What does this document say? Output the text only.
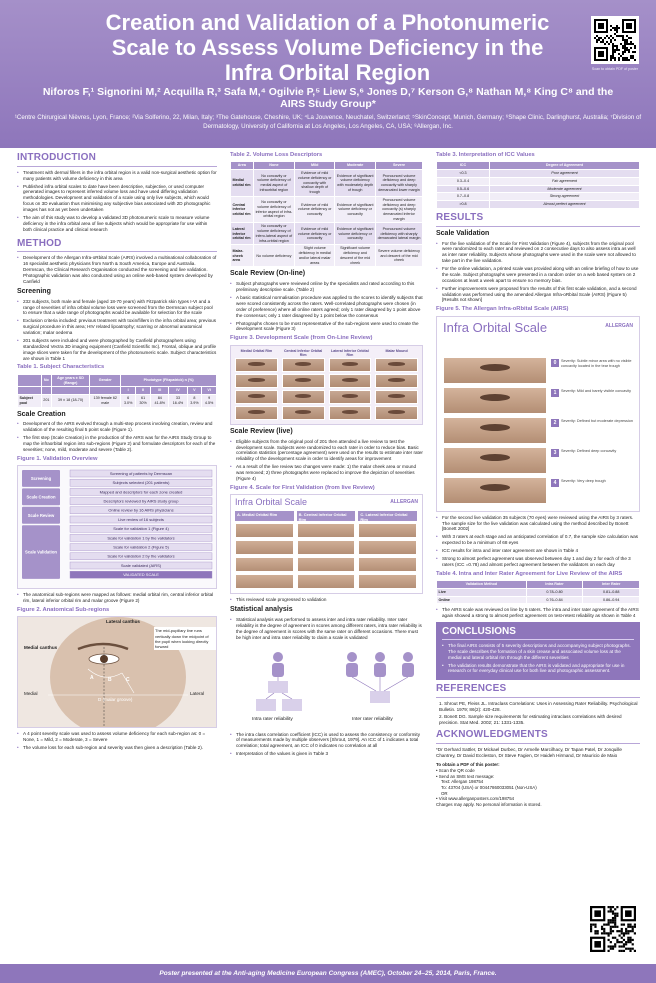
Creation and Validation of a Photonumeric Scale to Assess Volume Deficiency in the Infra Orbital Region
Niforos F,¹ Signorini M,² Acquilla R,³ Safa M,⁴ Ogilvie P,⁵ Liew S,⁶ Jones D,⁷ Kerson G,⁸ Nathan M,⁸ King C⁸ and the AIRS Study Group*
¹Centre Chirurgical Nièvres, Lyon, France; ²Via Solferino, 22, Milan, Italy; ³The Gatehouse, Cheshire, UK; ⁴La Jouvence, Neuchatel, Switzerland; ⁵SkinConcept, Munich, Germany; ⁶Shape Clinic, Darlinghurst, Australia; ⁷Division of Dermatology, University of California at Los Angeles, Los Angeles, CA, USA; ⁸Allergan, Inc.
Scan to obtain PDF of poster
INTRODUCTION
• Treatment with dermal fillers in the infra orbital region is a valid non-surgical aesthetic option for many patients with volume deficiency in this area
• Published infra orbital scales to date have been descriptive, subjective, or used computer generated images to represent inferred volume loss and have used differing validation methodologies. Development and validation of a scale using only live subjects, which would focus on 3D evaluation thus minimising any subjective bias associated with 2D photographic images has not as yet been undertaken
• The aim of this study was to develop a validated 3D photonumeric scale to measure volume deficiency in the infra orbital area of live subjects which would be appropriate for use within both clinical practice and clinical research
METHOD
• Development of the Allergan Infra-oRbital Scale (AIRS) involved a multinational collaboration of 16 specialist aesthetic physicians from North & South America, Europe and Australia. Dermscan, the Clinical Research Organisation conducted the screening and live validation. Photographic validation was also conducted using an online web-based system developed by Canfield
Screening
• 232 subjects, both male and female (aged 18-70 years) with Fitzpatrick skin types I-VI and a range of severities of infra orbital volume loss were screened from the Dermscan subject pool to ensure that a wide range of photographs would be available for selection for the scale
• Exclusion criteria included: previous treatment with toxin/fillers in the infra orbital area; previous surgical procedure in this area; HIV related lipoatrophy; scarring or abnormal anatomical variation; malar oedema
• 201 subjects were included and were photographed by Canfield photographers using standardized Vectra 3D imaging equipment (Canfield Scientific Inc). Frontal, oblique and profile image slices were taken for the development of the photonumeric scale. Subject characteristics are shown in Table 1
Table 1. Subject Characteristics
	No	Age years ± SD (Range)	Gender	Phototype (Fitzpatrick) n (%)					
				I	II	III	IV	V	VI
Subject pool	201	39 ± 18 (18-70)	139 female 62 male	6 3.0%	61 30%	84 41.8%	33 16.4%	8 3.9%	9 4.5%
Scale Creation
• Development of the AIRS evolved through a multi-step process involving creation, review and validation of the resulting final 5 point scale (Figure 1).
• The first step (Scale Creation) in the production of the AIRS was for the AIRS Study Group to map the infraorbital region into sub-regions (Figure 2) and formulate descriptors for each of the severities; none, mild, moderate and severe (Table 2).
Figure 1. Validation Overview
Screening
Scale Creation
Scale Review
Scale Validation
Screening of patients by Dermscan
Subjects selected (201 patients)
Mapped and descriptors for each zone created
Descriptors reviewed by AIRS study group
Online review by 16 AIRS physicians
Live review of 16 subjects
Scale for validation 1 (Figure 4)
Scale for validation 1 by the validators
Scale for validation 2 (Figure 5)
Scale for validation 2 by the validators
Scale validated (AIRS)
VALIDATED SCALE
• The anatomical sub-regions were mapped as follows: medial orbital rim, central inferior orbital rim, lateral inferior orbital rim and malar groove (Figure 2)
Figure 2. Anatomical Sub-regions
Lateral canthus
Medial canthus
The mid-pupillary line runs vertically down the midpoint of the pupil when looking directly forward
Medial	Lateral
A	B	C
D (malar groove)
• A 4 point severity scale was used to assess volume deficiency for each sub-region as: 0 = None, 1 = Mild, 2 = Moderate, 3 = Severe
• The volume loss for each sub-region and severity was then given a description (Table 2).
Table 2. Volume Loss Descriptors
Area	None	Mild	Moderate	Severe
Medial orbital rim	No concavity or volume deficiency of medial aspect of infraorbital region	Evidence of mild volume deficiency or concavity with shallow depth of trough	Evidence of significant volume deficiency with moderately depth of trough	Pronounced volume deficiency and deep concavity with sharply demarcated lower margin
Central inferior orbital rim	No concavity or volume deficiency of inferior aspect of infra-orbital region	Evidence of mild volume deficiency or concavity	Evidence of significant volume deficiency or concavity	Pronounced volume deficiency and deep concavity (s) sharply demarcated inferior margin
Lateral inferior orbital rim	No concavity or volume deficiency of infero-lateral aspect of infra-orbital region	Evidence of mild volume deficiency or concavity	Evidence of significant volume deficiency or concavity	Pronounced volume deficiency with sharply demarcated lateral margin
Malar-cheek area	No volume deficiency	Slight volume deficiency in medial and/or lateral malar areas	Significant volume deficiency and descent of the mid cheek	Severe volume deficiency and descent of the mid cheek
Scale Review (On-line)
• Subject photographs were reviewed online by the specialists and rated according to this preliminary descriptive scale. (Table 2)
• A basic statistical normalisation procedure was applied to the scores to identify subjects that were scored consistently across the raters. Well-correlated photographs were chosen (in order of preference) where all online raters agreed; only 1 rater disagreed by 1 point above the consensus; only 1 rater disagreed by 1 point below the consensus
• Photographs chosen to be most representative of the sub-regions were used to create the development scale (Figure 3)
Figure 3. Development Scale (from On-Line Review)
Medial Orbital Rim	Central Inferior Orbital Rim
Lateral Inferior Orbital Rim
Malar Mound
Scale Review (live)
• Eligible subjects from the original pool of 201 then attended a live review to test the development scale. Subjects were randomized to each rater in order to reduce bias. Basic correlation statistics (percentage agreement) were used on the results to estimate inter rater reliability of the development scale in order to identify areas for improvement
• As a result of the live review two changes were made: 1) the malar cheek area or mound was removed; 2) three photographs were replaced to improve the depiction of severities (Figure 4)
Figure 4. Scale for First Validation (from live Review)
Infra Orbital Scale	ALLERGAN
A. Medial Orbital Rim	B. Central Inferior Orbital Rim
C. Lateral Inferior Orbital Rim
• This reviewed scale progressed to validation
Statistical analysis
• Statistical analysis was performed to assess inter and intra rater reliability. Inter rater reliability is the degree of agreement in scores among different raters, intra rater reliability is the degree of agreement in scores with the same rater on different occasions. There must be high inter and intra rater reliability to claim a scale is validated
Intra rater reliability	Inter rater reliability
• The intra class correlation coefficient (ICC) is used to assess the consistency or conformity of measurements made by multiple observers [Shrout, 1979]. An ICC of 1 indicates a total correlation; total agreement, an ICC of 0 indicates no correlation at all
• Interpretation of the values is given in Table 3
Table 3. Interpretation of ICC Values
ICC	Degree of Agreement
<0.3	Poor agreement
0.3–0.4	Fair agreement
0.5–0.6	Moderate agreement
0.7–0.8	Strong agreement
>0.8	Almost perfect agreement
RESULTS
Scale Validation
• For the live validation of the Scale for First Validation (Figure 4), subjects from the original pool were randomized to each rater and reviewed on 2 consecutive days to also assess intra as well as inter rater reliability. Subjects whose photographs were used in the scale were not allowed to take part in the live validation.
• For the online validation, a printed scale was provided along with an online briefing of how to use the scale. Subject photographs were presented in a random order on a web based system on 2 occasions at least a week apart to ensure no memory bias.
• Further improvements were proposed from the results of this first scale validation, and a second validation was performed using the amended Allergan Infra-oRbital Scale (AIRS) (Figure 5) [Results not shown]
Figure 5. The Allergan Infra-oRbital Scale (AIRS)
Infra Orbital Scale	ALLERGAN
0	Severity: Subtle minor area with no visible concavity located in the tear trough
1	Severity: Mild and barely visible concavity
2	Severity: Defined but moderate depression
3	Severity: Defined deep concavity
4	Severity: Very deep trough
• For the second live validation 35 subjects (70 eyes) were reviewed using the AIRS by 3 raters. The sample size for the live validation was calculated using the method described by Bonett [Bonett 2002]
• With 3 raters at each stage and an anticipated correlation of 0.7, the sample size calculation was expected to be a minimum of 68 eyes
• ICC results for intra and inter rater agreement are shown in Table 4
• Strong to almost perfect agreement was observed between day 1 and day 2 for each of the 3 raters (ICC =0.78) and almost perfect agreement between the validators on each day
Table 4. Intra and Inter Rater Agreement for Live Review of the AIRS
Validation Method	Intra Rater	Inter Rater
Live	0.78–0.80	0.81–0.88
Online	0.76–0.84	0.86–0.94
• The AIRS scale was reviewed on line by 5 raters. The intra and inter rater agreement of the AIRS again showed a strong to almost perfect agreement on test-retest reliability as shown in Table 4
CONCLUSIONS
• The final AIRS consists of 5 severity descriptions and accompanying subject photographs. The scale describes the formation of a skin crease and associated volume loss at the medial and lateral orbital rim through the different severities
• The validation results demonstrate that the AIRS is validated and appropriate for use in research or for everyday clinical use for both live and photographic assessment.
REFERENCES
1. Shrout PE, Fleiss JL. Intraclass Correlations: Uses in Assessing Rater Reliability. Psychological Bulletin. 1979; 86(2): 420-428.
2. Bonett DG. Sample size requirements for estimating intraclass correlations with desired precision. Stat Med. 2002; 21: 1331-1335.
ACKNOWLEDGMENTS
*Dr Gerhard Sattler, Dr Mickael Durbec, Dr Armelle Marcilhacy, Dr Tapan Patel, Dr Jonquille Chantrey, Dr David Eccleston, Dr Steve Fagien, Dr Haideh Hirmand, Dr Mauricio de Maio
To obtain a PDF of this poster:
• Scan the QR code
• Send an SMS text message:
Text: Allergan 198754
To: 43704 (USA) or 00447860033051 (Non-USA)
OR
• Visit www.allerganposters.com/198754
Charges may apply. No personal information is stored.
Poster presented at the Anti-aging Medicine European Congress (AMEC), October 24–25, 2014, Paris, France.
